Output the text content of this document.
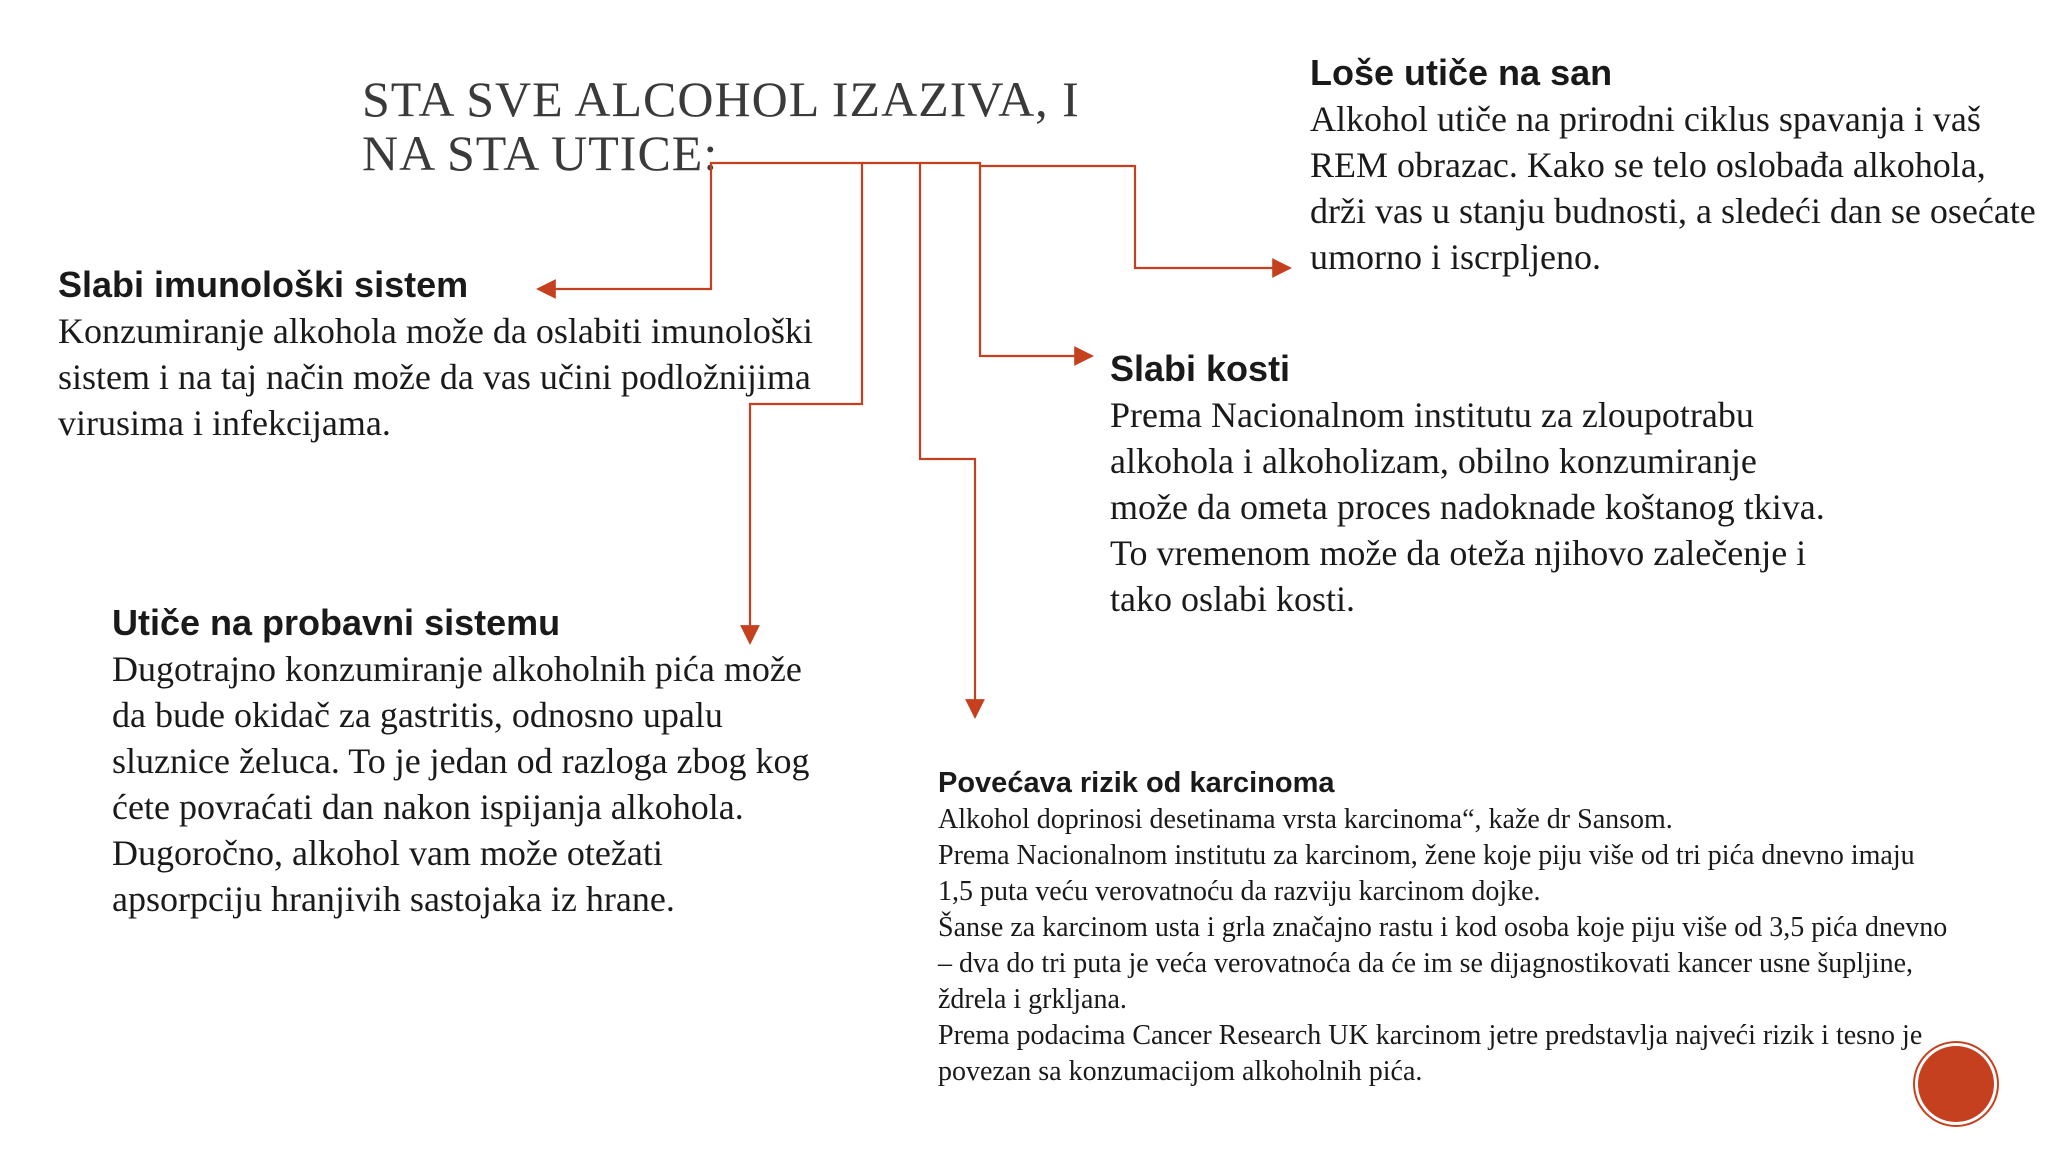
STA SVE ALCOHOL IZAZIVA, I
NA STA UTICE:
Slabi imunološki sistem

Konzumiranje alkohola može da oslabiti imunološki sistem i na taj način može da vas učini podložnijima virusima i infekcijama.

Loše utiče na san

Alkohol utiče na prirodni ciklus spavanja i vaš REM obrazac. Kako se telo oslobađa alkohola, drži vas u stanju budnosti, a sledeći dan se osećate umorno i iscrpljeno.

Slabi kosti

Prema Nacionalnom institutu za zloupotrabu alkohola i alkoholizam, obilno konzumiranje može da ometa proces nadoknade koštanog tkiva. To vremenom može da oteža njihovo zalečenje i tako oslabi kosti.

Utiče na probavni sistemu

Dugotrajno konzumiranje alkoholnih pića može da bude okidač za gastritis, odnosno upalu sluznice želuca. To je jedan od razloga zbog kog ćete povraćati dan nakon ispijanja alkohola. Dugoročno, alkohol vam može otežati apsorpciju hranjivih sastojaka iz hrane.

Povećava rizik od karcinoma

Alkohol doprinosi desetinama vrsta karcinoma“, kaže dr Sansom.
Prema Nacionalnom institutu za karcinom, žene koje piju više od tri pića dnevno imaju 1,5 puta veću verovatnoću da razviju karcinom dojke.
Šanse za karcinom usta i grla značajno rastu i kod osoba koje piju više od 3,5 pića dnevno – dva do tri puta je veća verovatnoća da će im se dijagnostikovati kancer usne šupljine, ždrela i grkljana.
Prema podacima Cancer Research UK karcinom jetre predstavlja najveći rizik i tesno je povezan sa konzumacijom alkoholnih pića.
